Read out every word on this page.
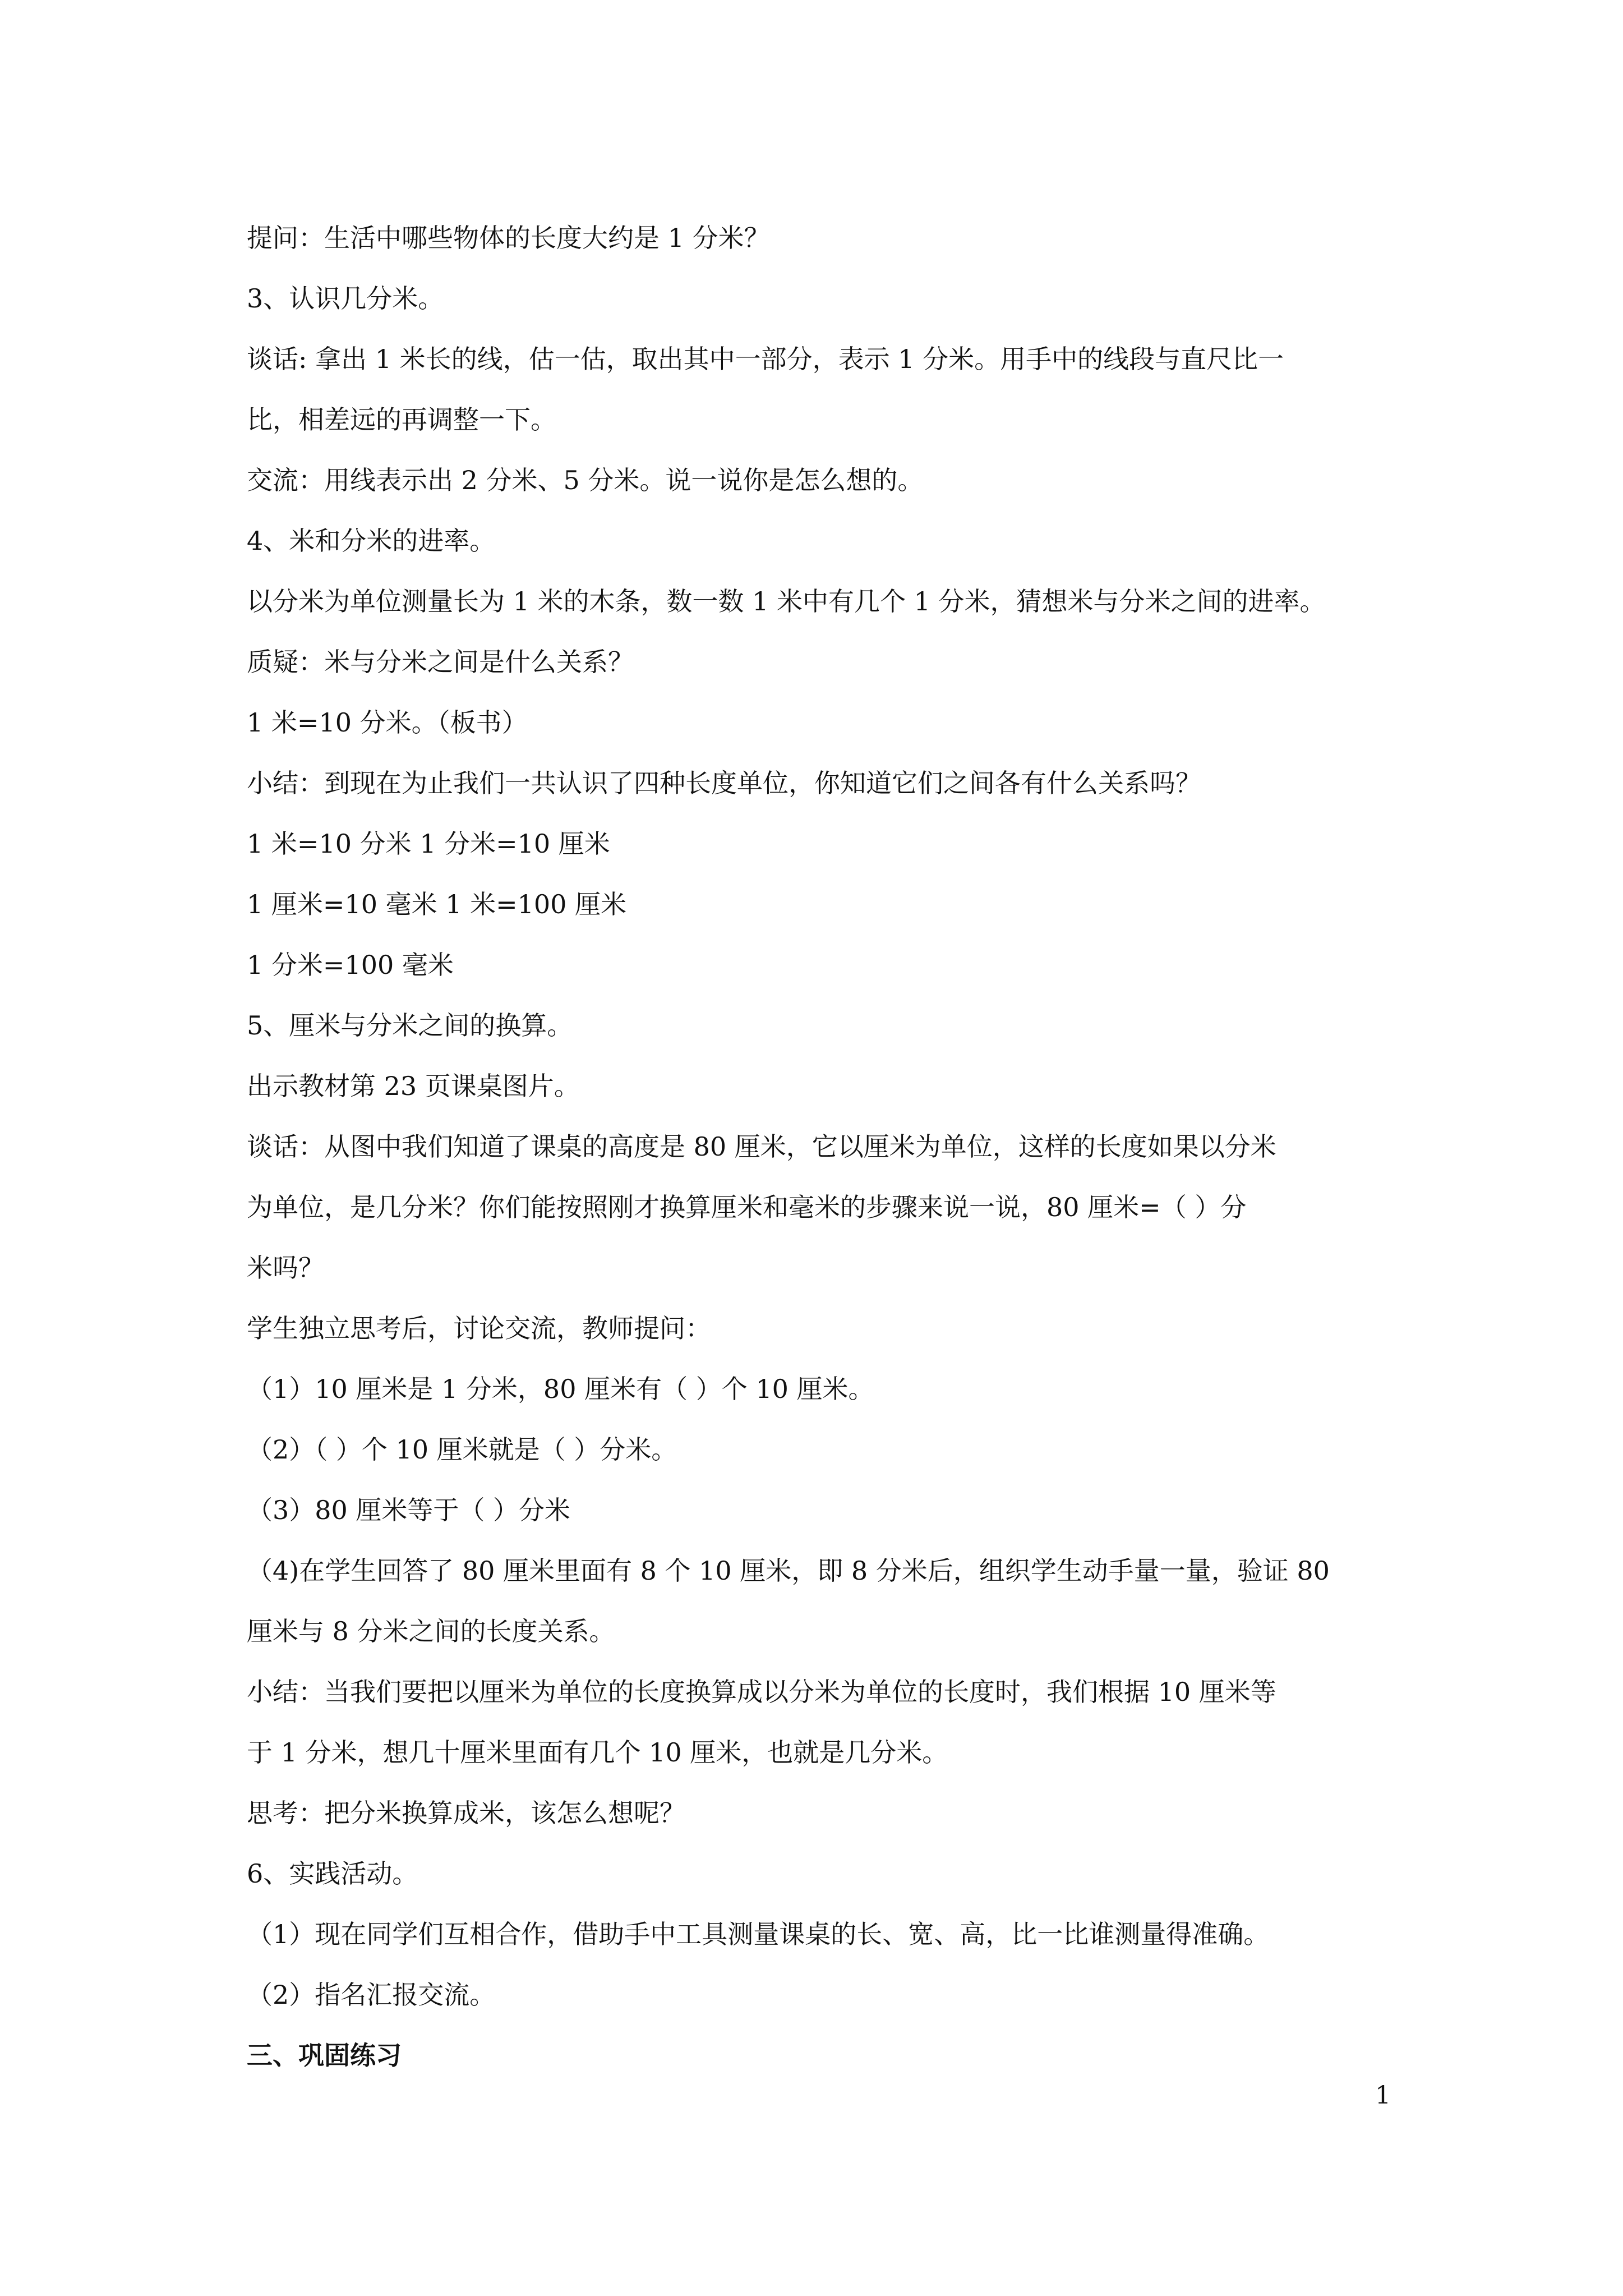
提问：生活中哪些物体的长度大约是 1 分米？

3、认识几分米。

谈话: 拿出 1 米长的线，估一估，取出其中一部分，表示 1 分米。用手中的线段与直尺比一

比，相差远的再调整一下。

交流：用线表示出 2 分米、5 分米。说一说你是怎么想的。

4、米和分米的进率。

以分米为单位测量长为 1 米的木条，数一数 1 米中有几个 1 分米，猜想米与分米之间的进率。

质疑：米与分米之间是什么关系？

1 米=10 分米。（板书）

小结：到现在为止我们一共认识了四种长度单位，你知道它们之间各有什么关系吗？

1 米=10 分米 1 分米=10 厘米

1 厘米=10 毫米 1 米=100 厘米

1 分米=100 毫米

5、厘米与分米之间的换算。

出示教材第 23 页课桌图片。

谈话：从图中我们知道了课桌的高度是 80 厘米，它以厘米为单位，这样的长度如果以分米

为单位，是几分米？你们能按照刚才换算厘米和毫米的步骤来说一说，80 厘米=（ ）分

米吗？

学生独立思考后，讨论交流，教师提问：

（1）10 厘米是 1 分米，80 厘米有（ ）个 10 厘米。

（2）（ ）个 10 厘米就是（ ）分米。

（3）80 厘米等于（ ）分米

（4)在学生回答了 80 厘米里面有 8 个 10 厘米，即 8 分米后，组织学生动手量一量，验证 80

厘米与 8 分米之间的长度关系。

小结：当我们要把以厘米为单位的长度换算成以分米为单位的长度时，我们根据 10 厘米等

于 1 分米，想几十厘米里面有几个 10 厘米，也就是几分米。

思考：把分米换算成米，该怎么想呢？

6、实践活动。

（1）现在同学们互相合作，借助手中工具测量课桌的长、宽、高，比一比谁测量得准确。

（2）指名汇报交流。

三、巩固练习

1
